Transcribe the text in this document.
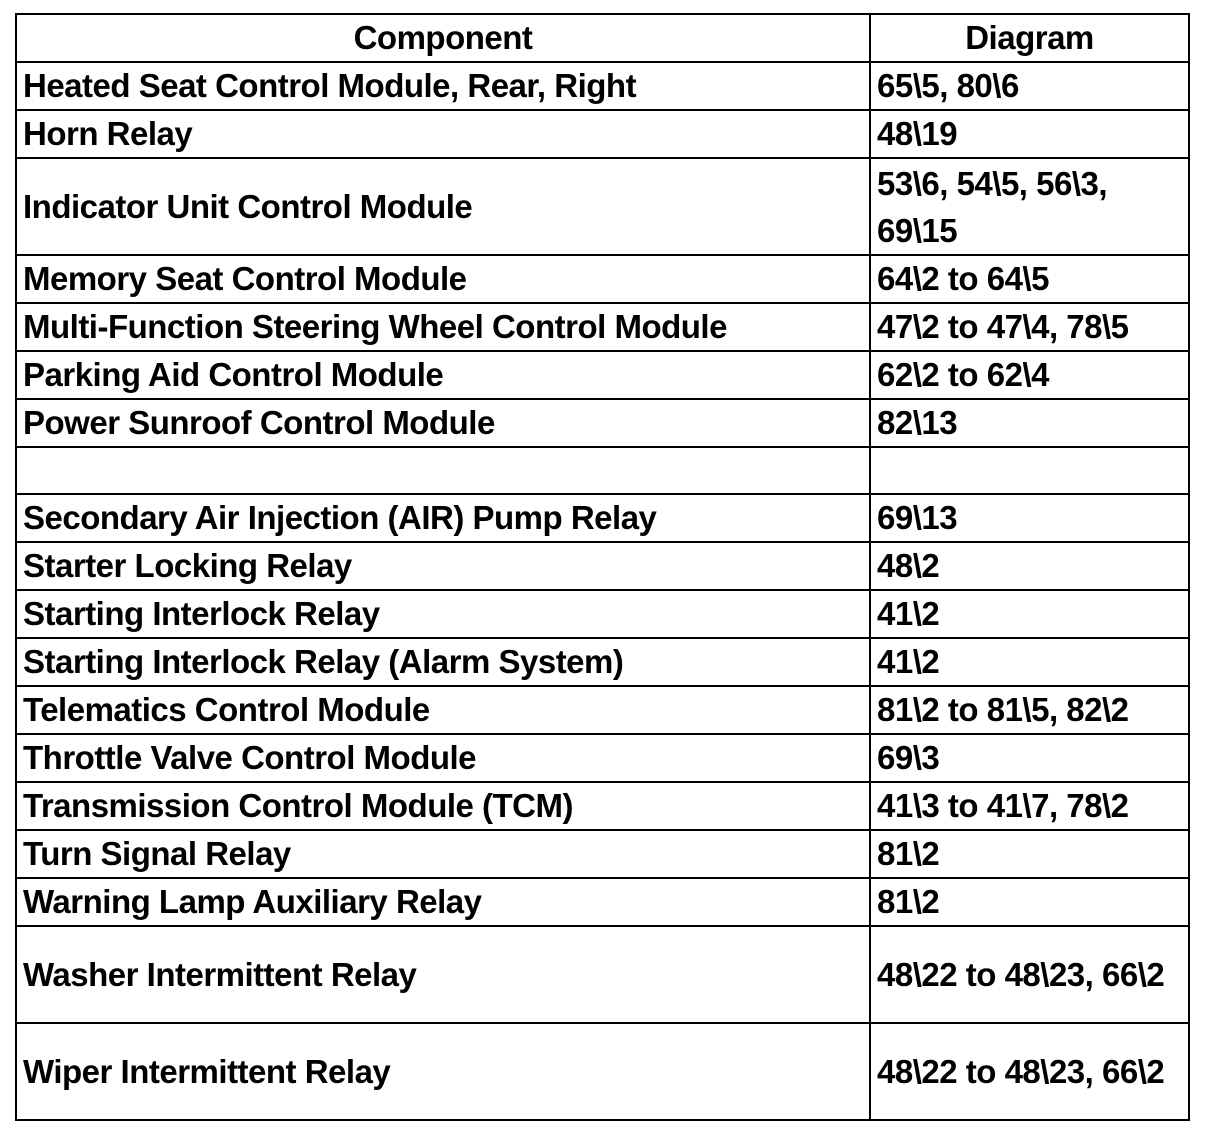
Component	Diagram
Heated Seat Control Module, Rear, Right	65\5, 80\6
Horn Relay	48\19
Indicator Unit Control Module	53\6, 54\5, 56\3, 69\15
Memory Seat Control Module	64\2 to 64\5
Multi-Function Steering Wheel Control Module	47\2 to 47\4, 78\5
Parking Aid Control Module	62\2 to 62\4
Power Sunroof Control Module	82\13

Secondary Air Injection (AIR) Pump Relay	69\13
Starter Locking Relay	48\2
Starting Interlock Relay	41\2
Starting Interlock Relay (Alarm System)	41\2
Telematics Control Module	81\2 to 81\5, 82\2
Throttle Valve Control Module	69\3
Transmission Control Module (TCM)	41\3 to 41\7, 78\2
Turn Signal Relay	81\2
Warning Lamp Auxiliary Relay	81\2
Washer Intermittent Relay	48\22 to 48\23, 66\2
Wiper Intermittent Relay	48\22 to 48\23, 66\2
